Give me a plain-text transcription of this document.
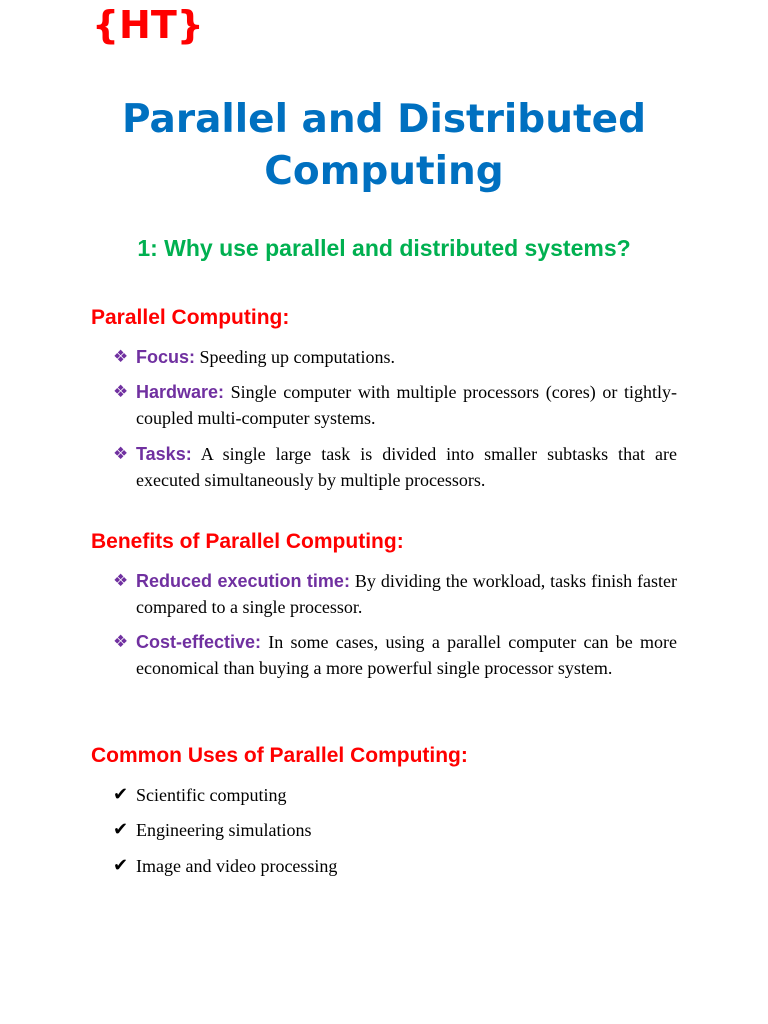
{HT}
Parallel and Distributed Computing
1: Why use parallel and distributed systems?
Parallel Computing:
❖ Focus: Speeding up computations.
❖ Hardware: Single computer with multiple processors (cores) or tightly-coupled multi-computer systems.
❖ Tasks: A single large task is divided into smaller subtasks that are executed simultaneously by multiple processors.
Benefits of Parallel Computing:
❖ Reduced execution time: By dividing the workload, tasks finish faster compared to a single processor.
❖ Cost-effective: In some cases, using a parallel computer can be more economical than buying a more powerful single processor system.
Common Uses of Parallel Computing:
✔ Scientific computing
✔ Engineering simulations
✔ Image and video processing
